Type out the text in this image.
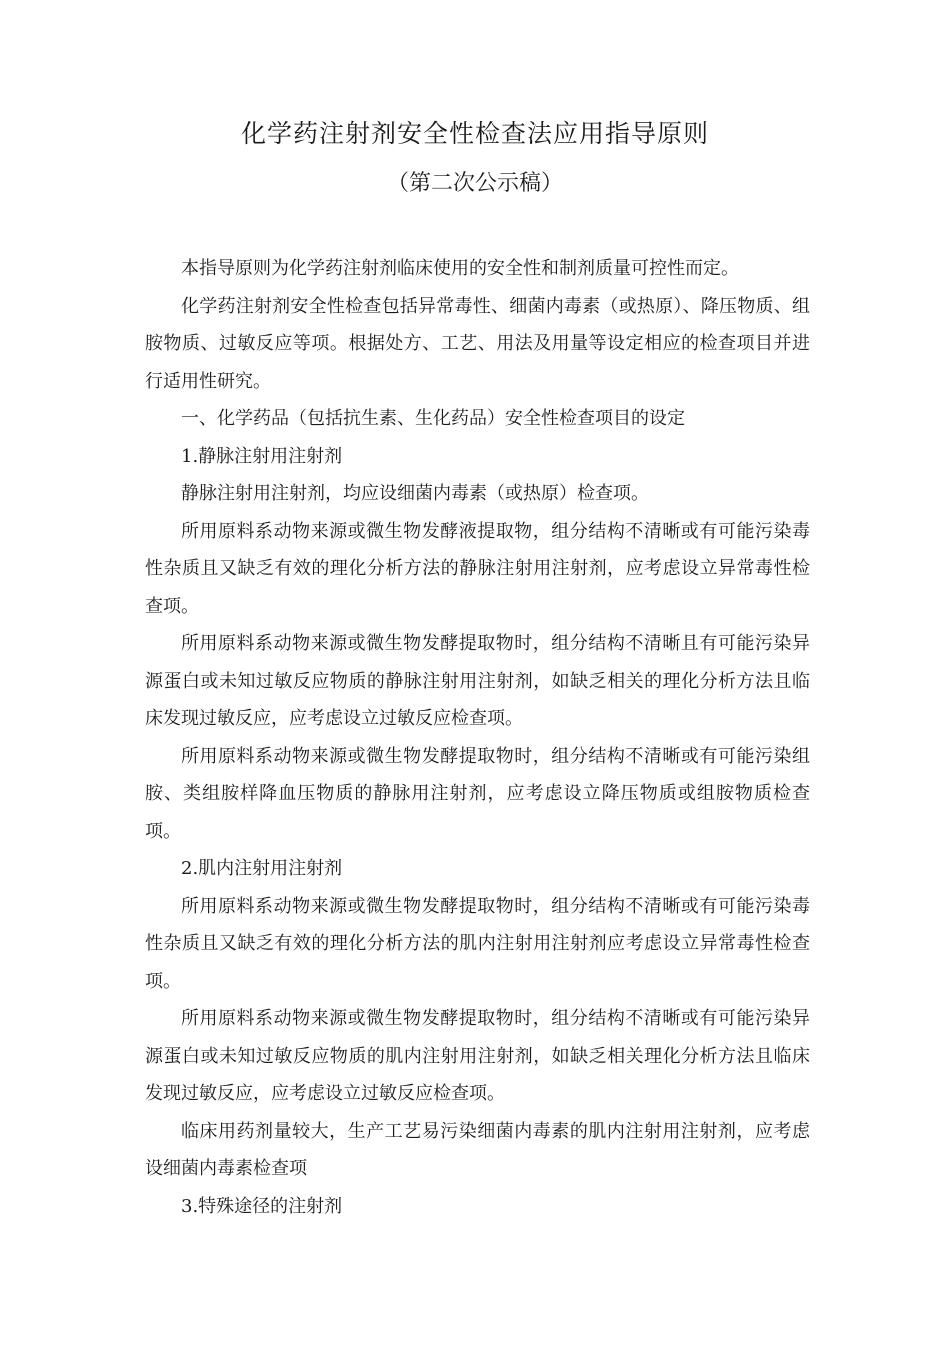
化学药注射剂安全性检查法应用指导原则
（第二次公示稿）

本指导原则为化学药注射剂临床使用的安全性和制剂质量可控性而定。

化学药注射剂安全性检查包括异常毒性、细菌内毒素（或热原）、降压物质、组胺物质、过敏反应等项。根据处方、工艺、用法及用量等设定相应的检查项目并进行适用性研究。

一、化学药品（包括抗生素、生化药品）安全性检查项目的设定

1.静脉注射用注射剂

静脉注射用注射剂，均应设细菌内毒素（或热原）检查项。

所用原料系动物来源或微生物发酵液提取物，组分结构不清晰或有可能污染毒性杂质且又缺乏有效的理化分析方法的静脉注射用注射剂，应考虑设立异常毒性检查项。

所用原料系动物来源或微生物发酵提取物时，组分结构不清晰且有可能污染异源蛋白或未知过敏反应物质的静脉注射用注射剂，如缺乏相关的理化分析方法且临床发现过敏反应，应考虑设立过敏反应检查项。

所用原料系动物来源或微生物发酵提取物时，组分结构不清晰或有可能污染组胺、类组胺样降血压物质的静脉用注射剂，应考虑设立降压物质或组胺物质检查项。

2.肌内注射用注射剂

所用原料系动物来源或微生物发酵提取物时，组分结构不清晰或有可能污染毒性杂质且又缺乏有效的理化分析方法的肌内注射用注射剂应考虑设立异常毒性检查项。

所用原料系动物来源或微生物发酵提取物时，组分结构不清晰或有可能污染异源蛋白或未知过敏反应物质的肌内注射用注射剂，如缺乏相关理化分析方法且临床发现过敏反应，应考虑设立过敏反应检查项。

临床用药剂量较大，生产工艺易污染细菌内毒素的肌内注射用注射剂，应考虑设细菌内毒素检查项

3.特殊途径的注射剂
